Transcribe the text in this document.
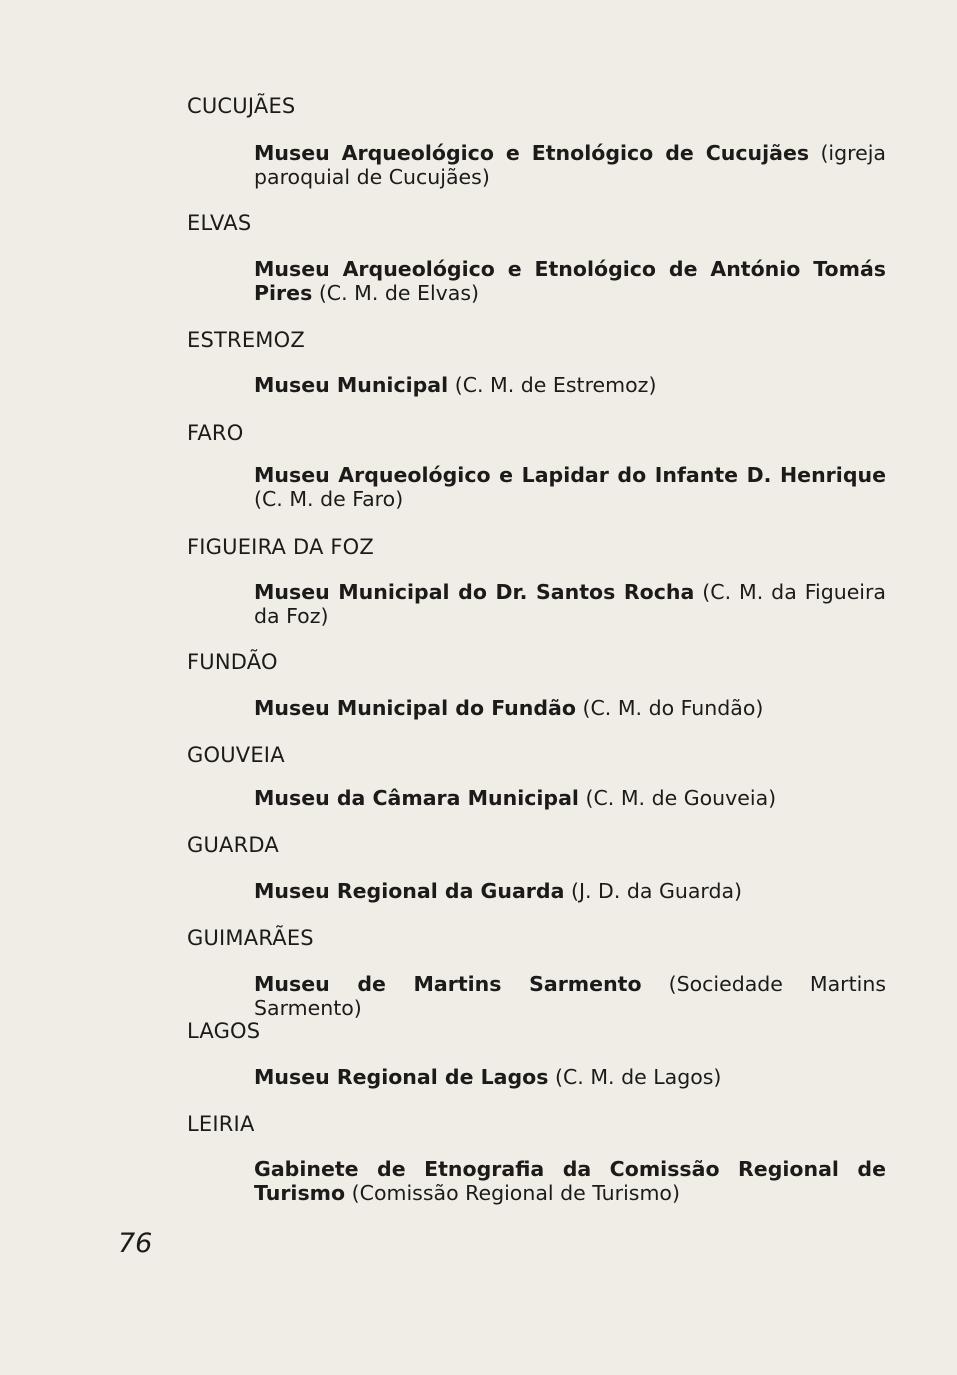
CUCUJÃES
Museu Arqueológico e Etnológico de Cucujães (igreja paroquial de Cucujães)
ELVAS
Museu Arqueológico e Etnológico de António Tomás Pires (C. M. de Elvas)
ESTREMOZ
Museu Municipal (C. M. de Estremoz)
FARO
Museu Arqueológico e Lapidar do Infante D. Henrique (C. M. de Faro)
FIGUEIRA DA FOZ
Museu Municipal do Dr. Santos Rocha (C. M. da Figueira da Foz)
FUNDÃO
Museu Municipal do Fundão (C. M. do Fundão)
GOUVEIA
Museu da Câmara Municipal (C. M. de Gouveia)
GUARDA
Museu Regional da Guarda (J. D. da Guarda)
GUIMARÃES
Museu de Martins Sarmento (Sociedade Martins Sarmento)
LAGOS
Museu Regional de Lagos (C. M. de Lagos)
LEIRIA
Gabinete de Etnografia da Comissão Regional de Turismo (Comissão Regional de Turismo)
76
